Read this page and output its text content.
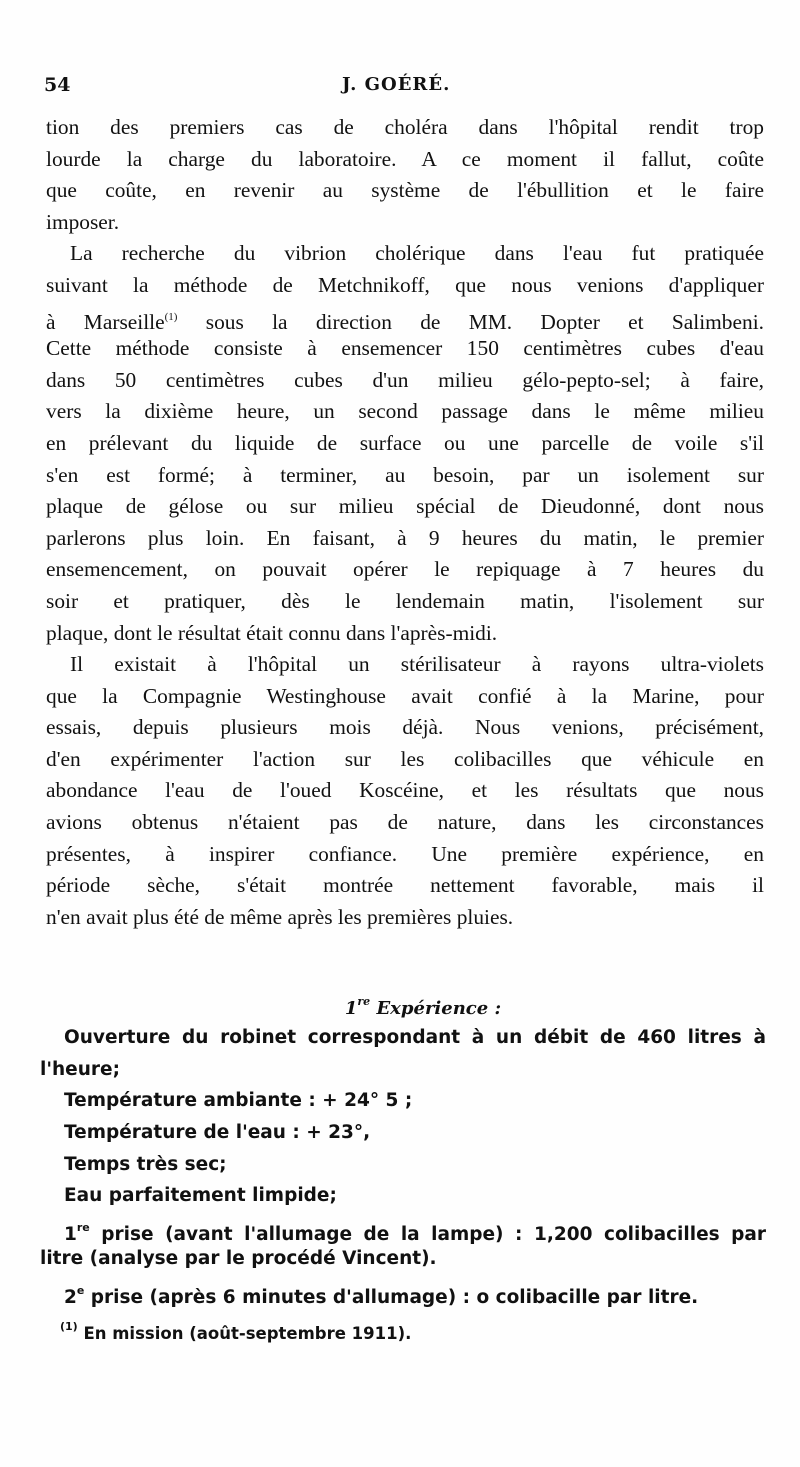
54	J. GOÉRÉ.
tion des premiers cas de choléra dans l'hôpital rendit trop
lourde la charge du laboratoire. A ce moment il fallut, coûte
que coûte, en revenir au système de l'ébullition et le faire
imposer.
La recherche du vibrion cholérique dans l'eau fut pratiquée
suivant la méthode de Metchnikoff, que nous venions d'appliquer
à Marseille$^{(1)}$ sous la direction de MM. Dopter et Salimbeni.
Cette méthode consiste à ensemencer 150 centimètres cubes d'eau
dans 50 centimètres cubes d'un milieu gélo-pepto-sel; à faire,
vers la dixième heure, un second passage dans le même milieu
en prélevant du liquide de surface ou une parcelle de voile s'il
s'en est formé; à terminer, au besoin, par un isolement sur
plaque de gélose ou sur milieu spécial de Dieudonné, dont nous
parlerons plus loin. En faisant, à 9 heures du matin, le premier
ensemencement, on pouvait opérer le repiquage à 7 heures du
soir et pratiquer, dès le lendemain matin, l'isolement sur
plaque, dont le résultat était connu dans l'après-midi.
Il existait à l'hôpital un stérilisateur à rayons ultra-violets
que la Compagnie Westinghouse avait confié à la Marine, pour
essais, depuis plusieurs mois déjà. Nous venions, précisément,
d'en expérimenter l'action sur les colibacilles que véhicule en
abondance l'eau de l'oued Koscéine, et les résultats que nous
avions obtenus n'étaient pas de nature, dans les circonstances
présentes, à inspirer confiance. Une première expérience, en
période sèche, s'était montrée nettement favorable, mais il
n'en avait plus été de même après les premières pluies.
1re Expérience :
Ouverture du robinet correspondant à un débit de 460 litres à
l'heure;
Température ambiante : + 24° 5 ;
Température de l'eau : + 23°,
Temps très sec;
Eau parfaitement limpide;
1re prise (avant l'allumage de la lampe) : 1,200 colibacilles par
litre (analyse par le procédé Vincent).
2e prise (après 6 minutes d'allumage) : o colibacille par litre.
$^{(1)}$ En mission (août-septembre 1911).
